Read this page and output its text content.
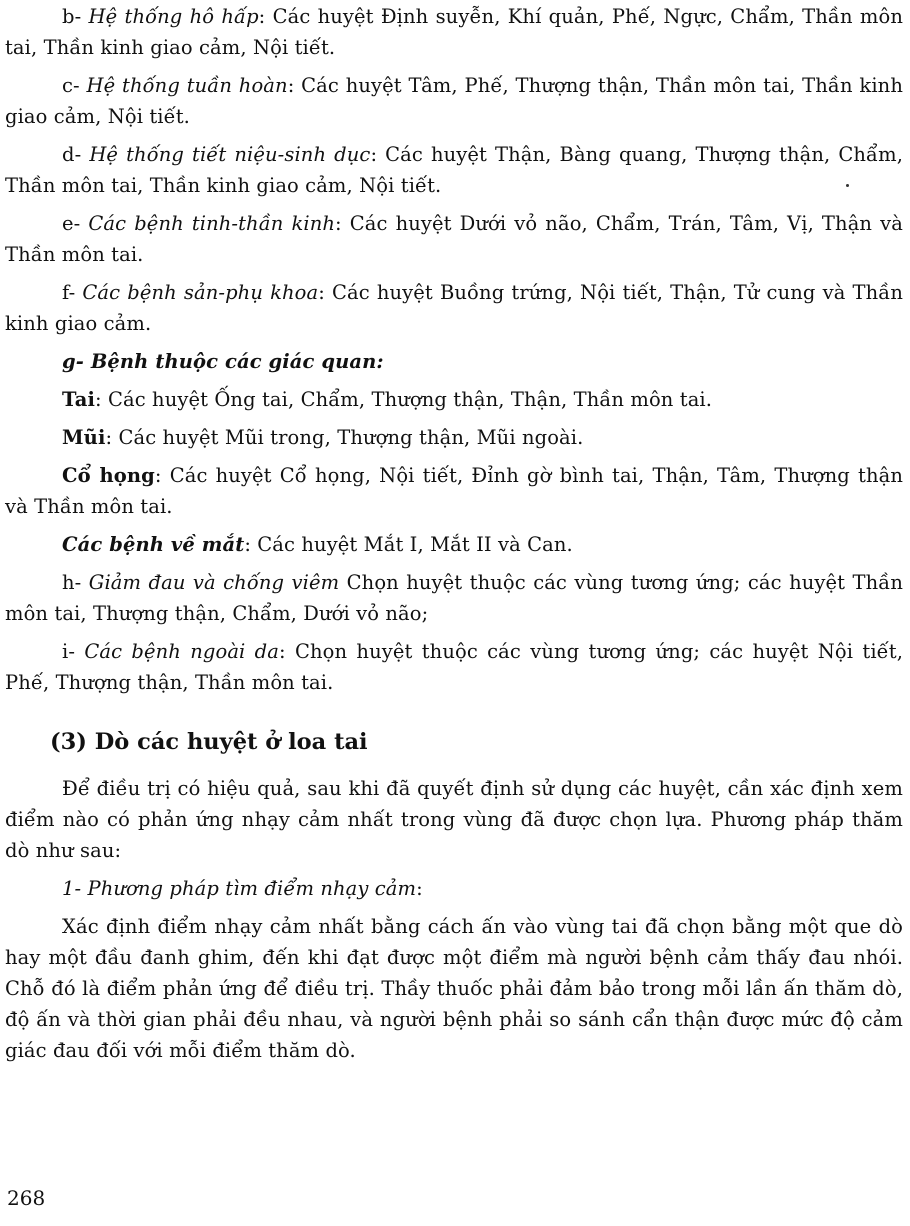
b- Hệ thống hô hấp: Các huyệt Định suyễn, Khí quản, Phế, Ngực, Chẩm, Thần môn tai, Thần kinh giao cảm, Nội tiết.

c- Hệ thống tuần hoàn: Các huyệt Tâm, Phế, Thượng thận, Thần môn tai, Thần kinh giao cảm, Nội tiết.

d- Hệ thống tiết niệu-sinh dục: Các huyệt Thận, Bàng quang, Thượng thận, Chẩm, Thần môn tai, Thần kinh giao cảm, Nội tiết.

e- Các bệnh tinh-thần kinh: Các huyệt Dưới vỏ não, Chẩm, Trán, Tâm, Vị, Thận và Thần môn tai.

f- Các bệnh sản-phụ khoa: Các huyệt Buồng trứng, Nội tiết, Thận, Tử cung và Thần kinh giao cảm.

g- Bệnh thuộc các giác quan:

Tai: Các huyệt Ống tai, Chẩm, Thượng thận, Thận, Thần môn tai.

Mũi: Các huyệt Mũi trong, Thượng thận, Mũi ngoài.

Cổ họng: Các huyệt Cổ họng, Nội tiết, Đỉnh gờ bình tai, Thận, Tâm, Thượng thận và Thần môn tai.

Các bệnh về mắt: Các huyệt Mắt I, Mắt II và Can.

h- Giảm đau và chống viêm Chọn huyệt thuộc các vùng tương ứng; các huyệt Thần môn tai, Thượng thận, Chẩm, Dưới vỏ não;

i- Các bệnh ngoài da: Chọn huyệt thuộc các vùng tương ứng; các huyệt Nội tiết, Phế, Thượng thận, Thần môn tai.

(3) Dò các huyệt ở loa tai

Để điều trị có hiệu quả, sau khi đã quyết định sử dụng các huyệt, cần xác định xem điểm nào có phản ứng nhạy cảm nhất trong vùng đã được chọn lựa. Phương pháp thăm dò như sau:

1- Phương pháp tìm điểm nhạy cảm:

Xác định điểm nhạy cảm nhất bằng cách ấn vào vùng tai đã chọn bằng một que dò hay một đầu đanh ghim, đến khi đạt được một điểm mà người bệnh cảm thấy đau nhói. Chỗ đó là điểm phản ứng để điều trị. Thầy thuốc phải đảm bảo trong mỗi lần ấn thăm dò, độ ấn và thời gian phải đều nhau, và người bệnh phải so sánh cẩn thận được mức độ cảm giác đau đối với mỗi điểm thăm dò.

268
